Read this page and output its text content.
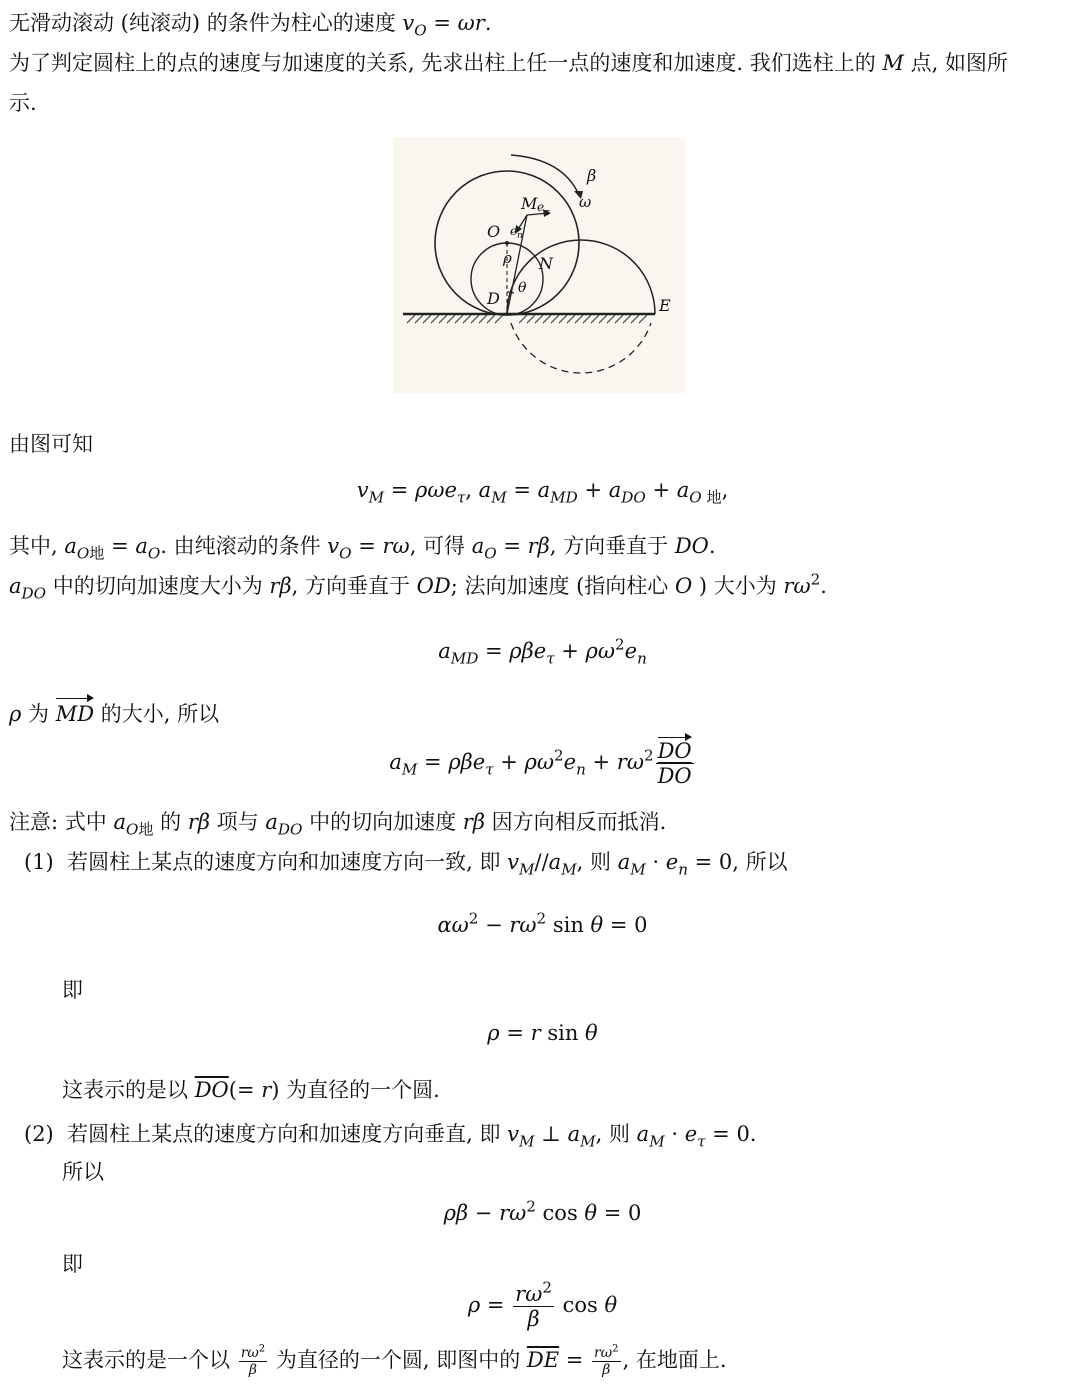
无滑动滚动 (纯滚动) 的条件为柱心的速度 $v_O = \omega r$.
为了判定圆柱上的点的速度与加速度的关系, 先求出柱上任一点的速度和加速度. 我们选柱上的 M 点, 如图所
示.
β
ω
M e τ
O e n
ρ N
θ
D	E
由图可知
$v_M = \rho\omega e_\tau$, $a_M = a_{MD} + a_{DO} + a_{O 地}$,
其中, $a_{O地} = a_O$. 由纯滚动的条件 $v_O = r\omega$, 可得 $a_O = r\beta$, 方向垂直于 DO.
$a_{DO}$ 中的切向加速度大小为 rβ, 方向垂直于 OD; 法向加速度 (指向柱心 O ) 大小为 $r\omega^2$.
$a_{MD} = \rho\beta e_\tau + \rho\omega^2e_n$
ρ 为 MD 的大小, 所以
$a_M = \rho\beta e_\tau + \rho\omega^2e_n + r\omega^2 \frac{DO}{DO}$
注意: 式中 $a_{O地}$ 的 rβ 项与 $a_{DO}$ 中的切向加速度 rβ 因方向相反而抵消.
(1) 若圆柱上某点的速度方向和加速度方向一致, 即 $v_M//a_M$, 则 $a_M \cdot e_n = 0$, 所以
$\alpha\omega^2 - r\omega^2$ sin θ = 0
即
ρ = r sin θ
这表示的是以 $\overline{DO}(= r)$ 为直径的一个圆.
(2) 若圆柱上某点的速度方向和加速度方向垂直, 即 $v_M$ ⊥ $a_M$, 则 $a_M \cdot e_\tau = 0$.
所以
$\rho\beta - r\omega^2$ cos θ = 0
即
$\rho = \frac{r\omega^2}{\beta}$ cos θ
这表示的是一个以 $\frac{r\omega^2}{\beta}$ 为直径的一个圆, 即图中的 $\overline{DE} = \frac{r\omega^2}{\beta}$ , 在地面上.
